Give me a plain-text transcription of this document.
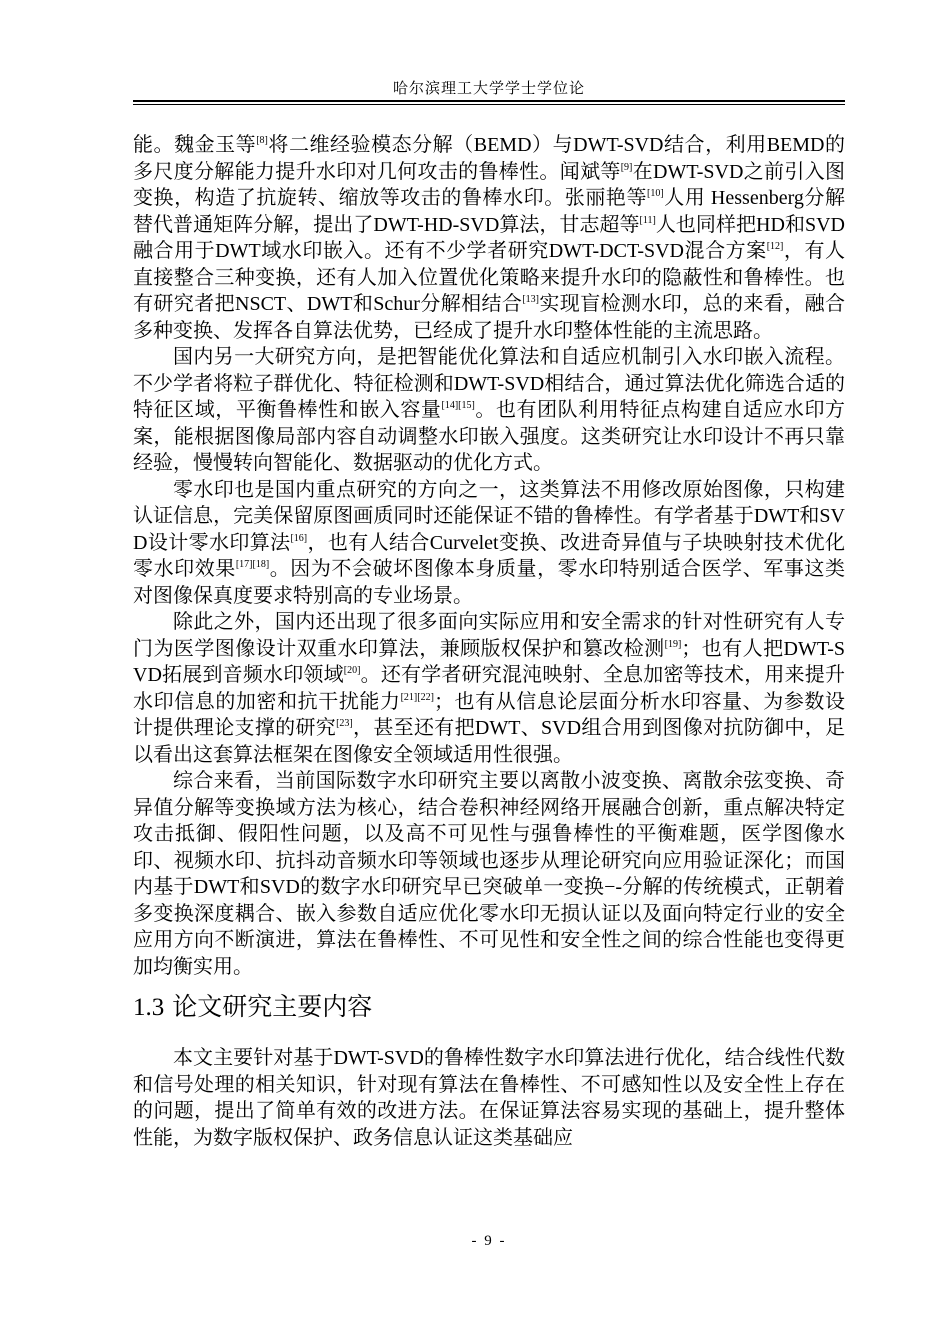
哈尔滨理工大学学士学位论

能。魏金玉等[8]将二维经验模态分解（BEMD）与DWT-SVD结合，利用BEMD的多尺度分解能力提升水印对几何攻击的鲁棒性。闻斌等[9]在DWT-SVD之前引入图变换，构造了抗旋转、缩放等攻击的鲁棒水印。张丽艳等[10]人用 Hessenberg分解替代普通矩阵分解，提出了DWT-HD-SVD算法，甘志超等[11]人也同样把HD和SVD融合用于DWT域水印嵌入。还有不少学者研究DWT-DCT-SVD混合方案[12]，有人直接整合三种变换，还有人加入位置优化策略来提升水印的隐蔽性和鲁棒性。也有研究者把NSCT、DWT和Schur分解相结合[13]实现盲检测水印，总的来看，融合多种变换、发挥各自算法优势，已经成了提升水印整体性能的主流思路。

国内另一大研究方向，是把智能优化算法和自适应机制引入水印嵌入流程。不少学者将粒子群优化、特征检测和DWT-SVD相结合，通过算法优化筛选合适的特征区域，平衡鲁棒性和嵌入容量[14][15]。也有团队利用特征点构建自适应水印方案，能根据图像局部内容自动调整水印嵌入强度。这类研究让水印设计不再只靠经验，慢慢转向智能化、数据驱动的优化方式。

零水印也是国内重点研究的方向之一，这类算法不用修改原始图像，只构建认证信息，完美保留原图画质同时还能保证不错的鲁棒性。有学者基于DWT和SVD设计零水印算法[16]，也有人结合Curvelet变换、改进奇异值与子块映射技术优化零水印效果[17][18]。因为不会破坏图像本身质量，零水印特别适合医学、军事这类对图像保真度要求特别高的专业场景。

除此之外，国内还出现了很多面向实际应用和安全需求的针对性研究有人专门为医学图像设计双重水印算法，兼顾版权保护和篡改检测[19]；也有人把DWT-SVD拓展到音频水印领域[20]。还有学者研究混沌映射、全息加密等技术，用来提升水印信息的加密和抗干扰能力[21][22]；也有从信息论层面分析水印容量、为参数设计提供理论支撑的研究[23]，甚至还有把DWT、SVD组合用到图像对抗防御中，足以看出这套算法框架在图像安全领域适用性很强。

综合来看，当前国际数字水印研究主要以离散小波变换、离散余弦变换、奇异值分解等变换域方法为核心，结合卷积神经网络开展融合创新，重点解决特定攻击抵御、假阳性问题，以及高不可见性与强鲁棒性的平衡难题，医学图像水印、视频水印、抗抖动音频水印等领域也逐步从理论研究向应用验证深化；而国内基于DWT和SVD的数字水印研究早已突破单一变换−-分解的传统模式，正朝着多变换深度耦合、嵌入参数自适应优化零水印无损认证以及面向特定行业的安全应用方向不断演进，算法在鲁棒性、不可见性和安全性之间的综合性能也变得更加均衡实用。

1.3 论文研究主要内容

本文主要针对基于DWT-SVD的鲁棒性数字水印算法进行优化，结合线性代数和信号处理的相关知识，针对现有算法在鲁棒性、不可感知性以及安全性上存在的问题，提出了简单有效的改进方法。在保证算法容易实现的基础上，提升整体性能，为数字版权保护、政务信息认证这类基础应

- 9 -
